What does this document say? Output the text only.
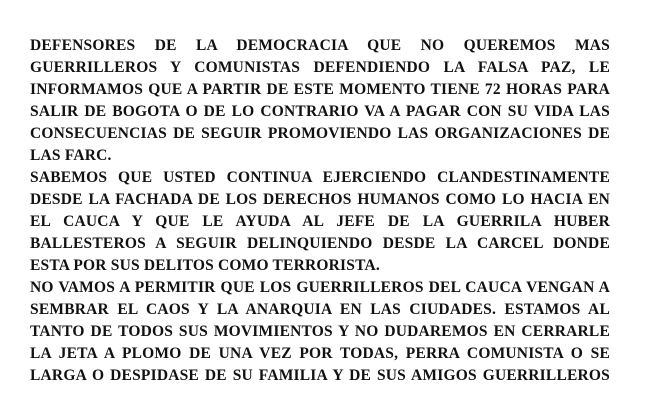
DEFENSORES DE LA DEMOCRACIA QUE NO QUEREMOS MAS
GUERRILLEROS Y COMUNISTAS DEFENDIENDO LA FALSA PAZ, LE
INFORMAMOS QUE A PARTIR DE ESTE MOMENTO TIENE 72 HORAS PARA
SALIR DE BOGOTA O DE LO CONTRARIO VA A PAGAR CON SU VIDA LAS
CONSECUENCIAS DE SEGUIR PROMOVIENDO LAS ORGANIZACIONES DE
LAS FARC.
SABEMOS QUE USTED CONTINUA EJERCIENDO CLANDESTINAMENTE
DESDE LA FACHADA DE LOS DERECHOS HUMANOS COMO LO HACIA EN
EL CAUCA Y QUE LE AYUDA AL JEFE DE LA GUERRILA HUBER
BALLESTEROS A SEGUIR DELINQUIENDO DESDE LA CARCEL DONDE
ESTA POR SUS DELITOS COMO TERRORISTA.
NO VAMOS A PERMITIR QUE LOS GUERRILLEROS DEL CAUCA VENGAN A
SEMBRAR EL CAOS Y LA ANARQUIA EN LAS CIUDADES. ESTAMOS AL
TANTO DE TODOS SUS MOVIMIENTOS Y NO DUDAREMOS EN CERRARLE
LA JETA A PLOMO DE UNA VEZ POR TODAS, PERRA COMUNISTA O SE
LARGA O DESPIDASE DE SU FAMILIA Y DE SUS AMIGOS GUERRILLEROS
